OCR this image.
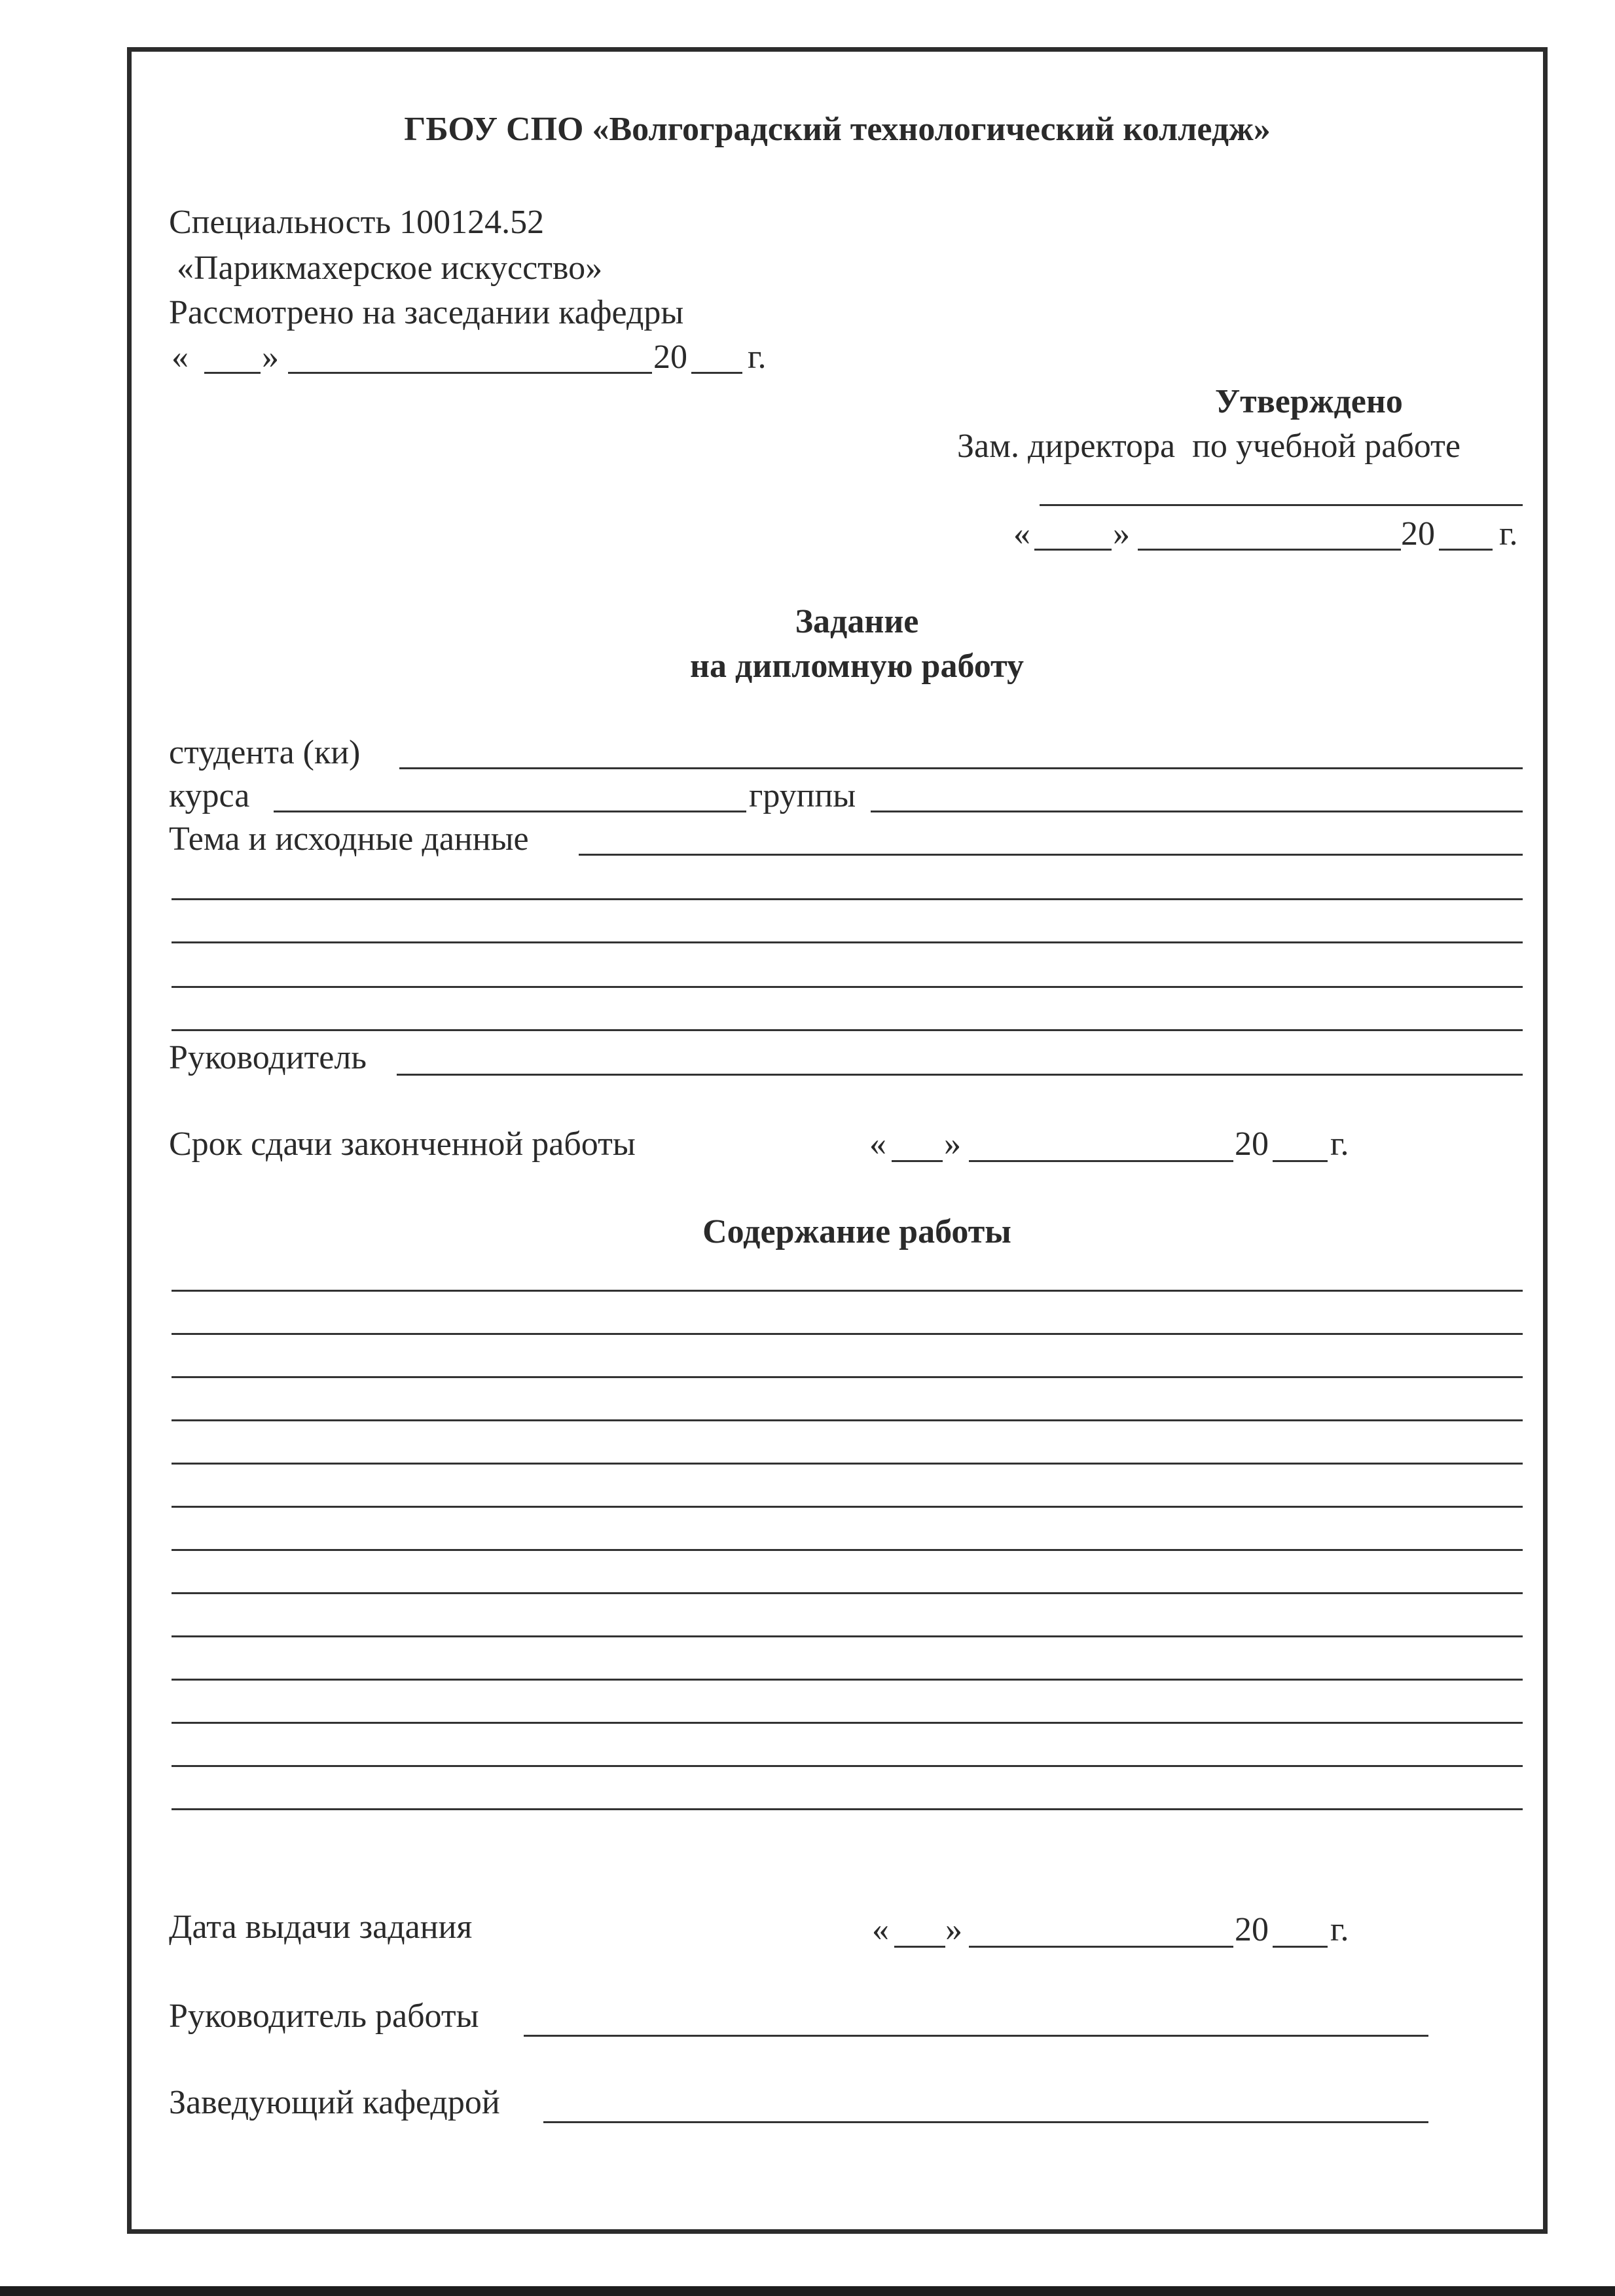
ГБОУ СПО «Волгоградский технологический колледж»
Специальность 100124.52
«Парикмахерское искусство»
Рассмотрено на заседании кафедры
« »	20 г.
Утверждено
Зам. директора  по учебной работе
« »	20 г.
Задание
на дипломную работу
студента (ки)
курса	группы
Тема и исходные данные
Руководитель
Срок сдачи законченной работы	« »	20 г.
Содержание работы
Дата выдачи задания	« »	20 г.
Руководитель работы
Заведующий кафедрой
